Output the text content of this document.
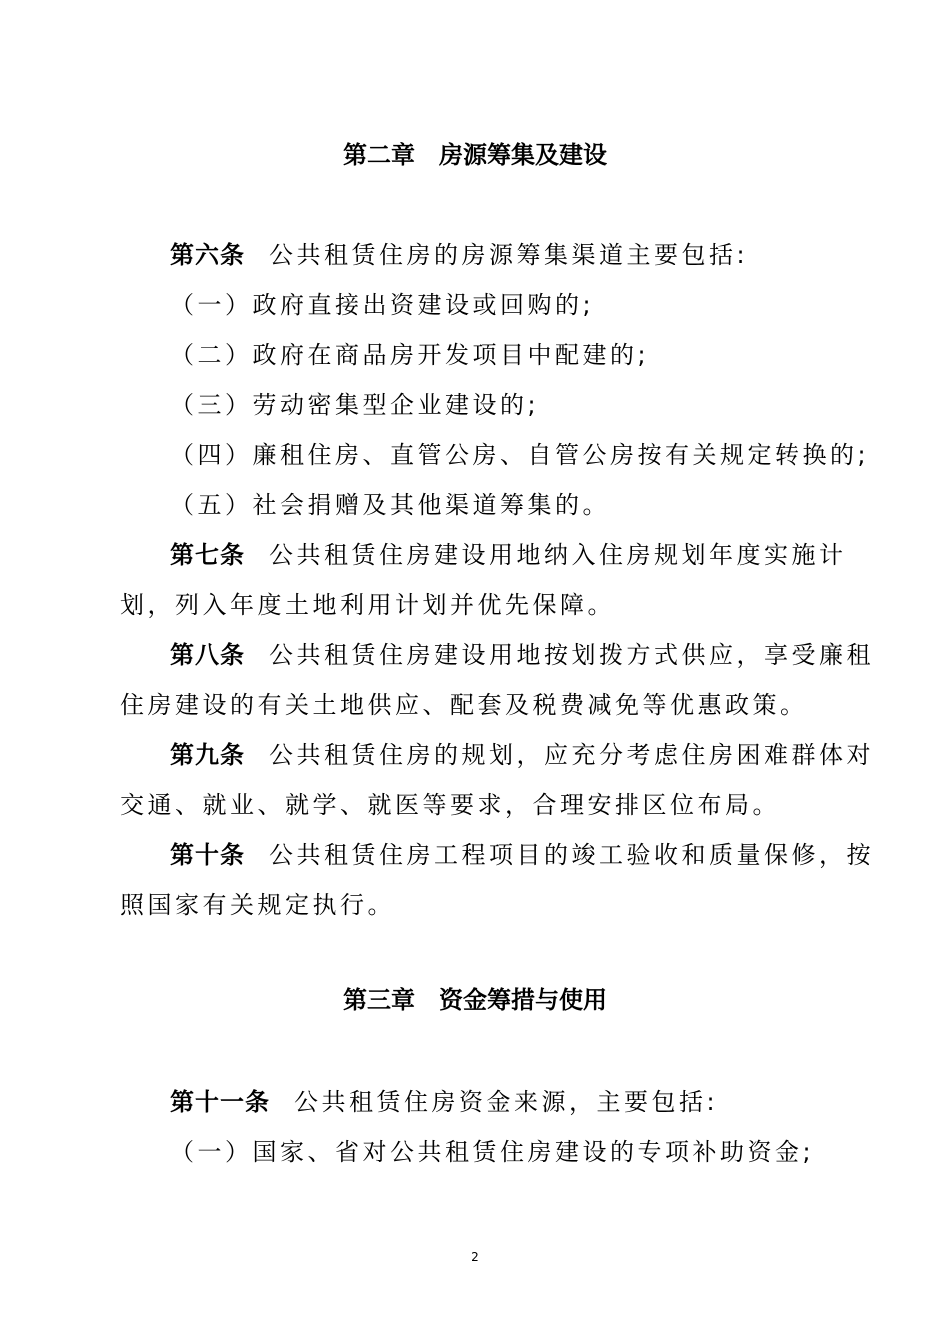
第二章　房源筹集及建设
第六条 公共租赁住房的房源筹集渠道主要包括:
（一）政府直接出资建设或回购的;
（二）政府在商品房开发项目中配建的;
（三）劳动密集型企业建设的;
（四）廉租住房、直管公房、自管公房按有关规定转换的;
（五）社会捐赠及其他渠道筹集的。
第七条 公共租赁住房建设用地纳入住房规划年度实施计
划，列入年度土地利用计划并优先保障。
第八条 公共租赁住房建设用地按划拨方式供应，享受廉租
住房建设的有关土地供应、配套及税费减免等优惠政策。
第九条 公共租赁住房的规划，应充分考虑住房困难群体对
交通、就业、就学、就医等要求，合理安排区位布局。
第十条 公共租赁住房工程项目的竣工验收和质量保修，按
照国家有关规定执行。
第三章　资金筹措与使用
第十一条 公共租赁住房资金来源，主要包括:
（一）国家、省对公共租赁住房建设的专项补助资金;
2
